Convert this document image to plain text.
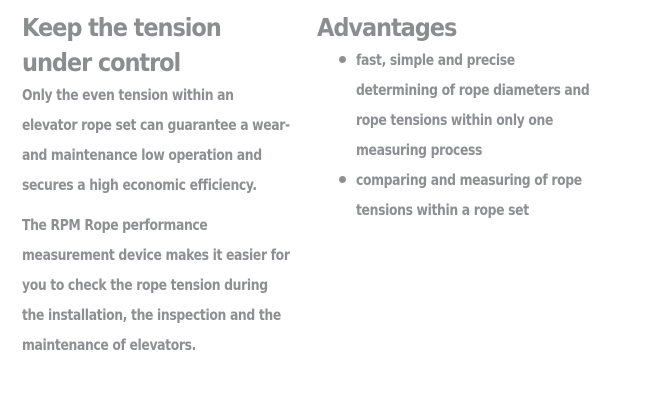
Keep the tension under control

Only the even tension within an elevator rope set can guarantee a wear- and maintenance low operation and secures a high economic efficiency.

The RPM Rope performance measurement device makes it easier for you to check the rope tension during the installation, the inspection and the maintenance of elevators.

Advantages
fast, simple and precise determining of rope diameters and rope tensions within only one measuring process
comparing and measuring of rope tensions within a rope set
